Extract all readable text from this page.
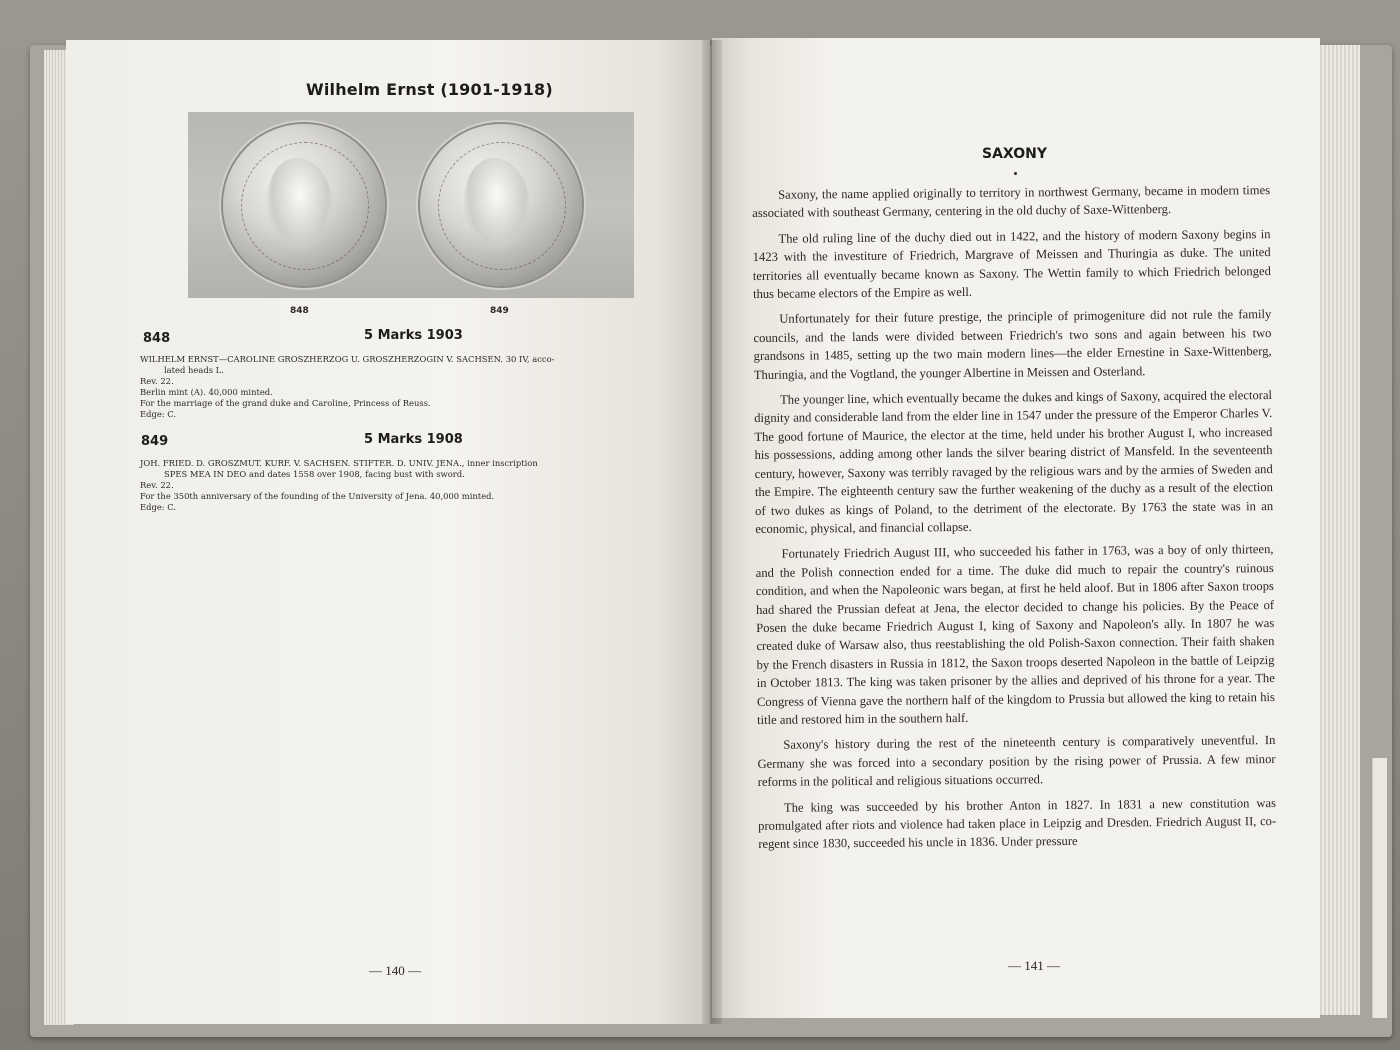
Wilhelm Ernst (1901-1918)
848	849
848	5 Marks 1903
WILHELM ERNST—CAROLINE GROSZHERZOG U. GROSZHERZOGIN V. SACHSEN. 30 IV, acco-
lated heads L.
Rev. 22.
Berlin mint (A). 40,000 minted.
For the marriage of the grand duke and Caroline, Princess of Reuss.
Edge: C.
849	5 Marks 1908
JOH. FRIED. D. GROSZMUT. KURF. V. SACHSEN. STIFTER. D. UNIV. JENA., inner inscription
SPES MEA IN DEO and dates 1558 over 1908, facing bust with sword.
Rev. 22.
For the 350th anniversary of the founding of the University of Jena. 40,000 minted.
Edge: C.
— 140 —
SAXONY

Saxony, the name applied originally to territory in northwest Germany, became in modern times associated with southeast Germany, centering in the old duchy of Saxe-Wittenberg.

The old ruling line of the duchy died out in 1422, and the history of modern Saxony begins in 1423 with the investiture of Friedrich, Margrave of Meissen and Thuringia as duke. The united territories all eventually became known as Saxony. The Wettin family to which Friedrich belonged thus became electors of the Empire as well.

Unfortunately for their future prestige, the principle of primogeniture did not rule the family councils, and the lands were divided between Friedrich's two sons and again between his two grandsons in 1485, setting up the two main modern lines—the elder Ernestine in Saxe-Wittenberg, Thuringia, and the Vogtland, the younger Albertine in Meissen and Osterland.

The younger line, which eventually became the dukes and kings of Saxony, acquired the electoral dignity and considerable land from the elder line in 1547 under the pressure of the Emperor Charles V. The good fortune of Maurice, the elector at the time, held under his brother August I, who increased his possessions, adding among other lands the silver bearing district of Mansfeld. In the seventeenth century, however, Saxony was terribly ravaged by the religious wars and by the armies of Sweden and the Empire. The eighteenth century saw the further weakening of the duchy as a result of the election of two dukes as kings of Poland, to the detriment of the electorate. By 1763 the state was in an economic, physical, and financial collapse.

Fortunately Friedrich August III, who succeeded his father in 1763, was a boy of only thirteen, and the Polish connection ended for a time. The duke did much to repair the country's ruinous condition, and when the Napoleonic wars began, at first he held aloof. But in 1806 after Saxon troops had shared the Prussian defeat at Jena, the elector decided to change his policies. By the Peace of Posen the duke became Friedrich August I, king of Saxony and Napoleon's ally. In 1807 he was created duke of Warsaw also, thus reestablishing the old Polish-Saxon connection. Their faith shaken by the French disasters in Russia in 1812, the Saxon troops deserted Napoleon in the battle of Leipzig in October 1813. The king was taken prisoner by the allies and deprived of his throne for a year. The Congress of Vienna gave the northern half of the kingdom to Prussia but allowed the king to retain his title and restored him in the southern half.

Saxony's history during the rest of the nineteenth century is comparatively uneventful. In Germany she was forced into a secondary position by the rising power of Prussia. A few minor reforms in the political and religious situations occurred.

The king was succeeded by his brother Anton in 1827. In 1831 a new constitution was promulgated after riots and violence had taken place in Leipzig and Dresden. Friedrich August II, co-regent since 1830, succeeded his uncle in 1836. Under pressure

— 141 —
